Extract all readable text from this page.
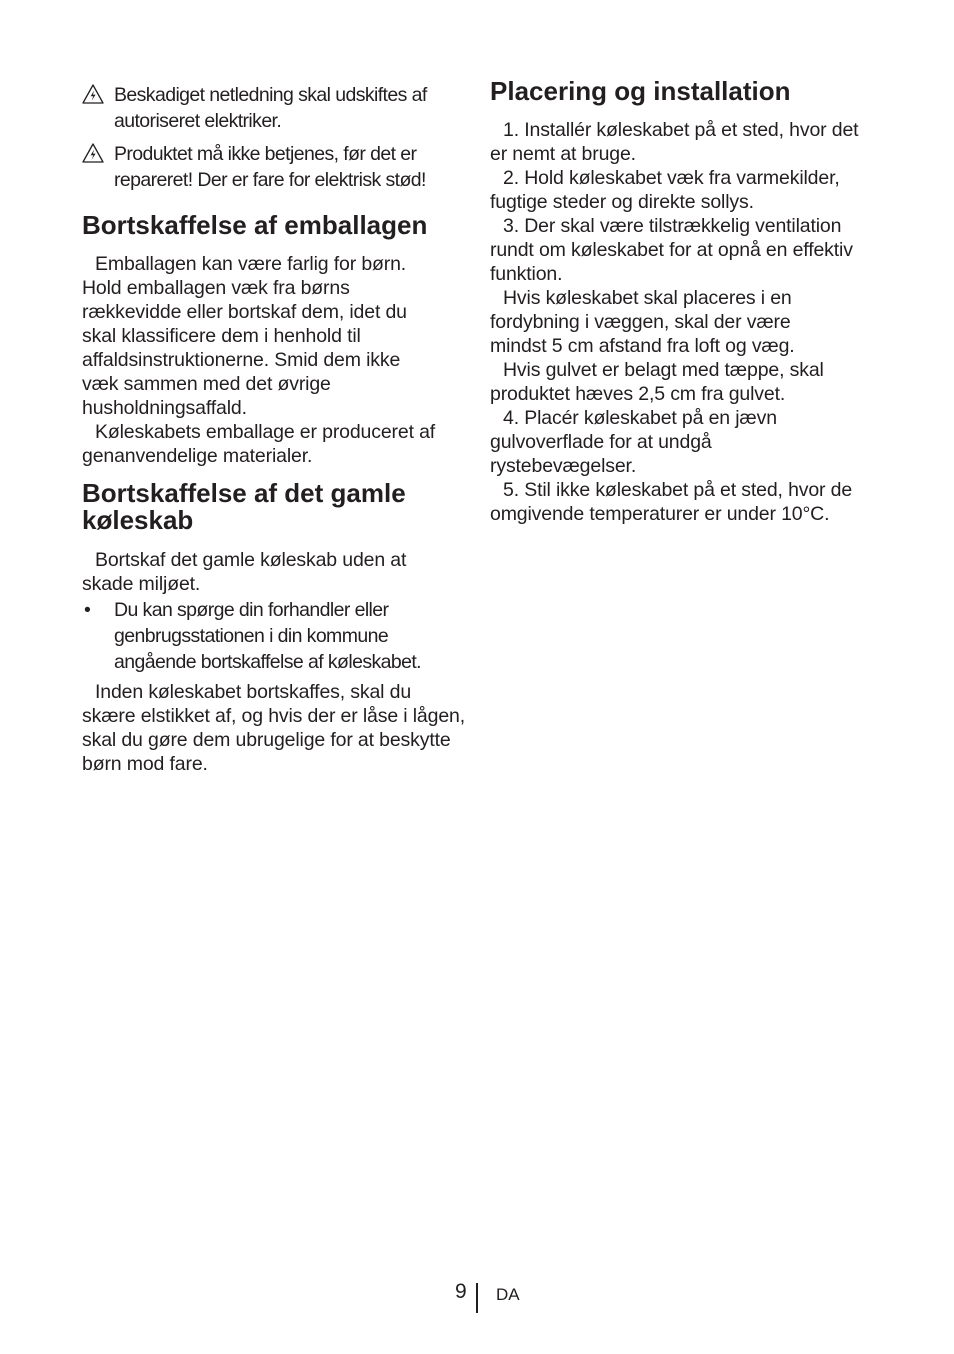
Beskadiget netledning skal udskiftes af autoriseret elektriker.
Produktet må ikke betjenes, før det er repareret! Der er fare for elektrisk stød!
Bortskaffelse af emballagen

Emballagen kan være farlig for børn. Hold emballagen væk fra børns rækkevidde eller bortskaf dem, idet du skal klassificere dem i henhold til affaldsinstruktionerne. Smid dem ikke væk sammen med det øvrige husholdningsaffald.

Køleskabets emballage er produceret af genanvendelige materialer.

Bortskaffelse af det gamle køleskab

Bortskaf det gamle køleskab uden at skade miljøet.

•	Du kan spørge din forhandler eller genbrugsstationen i din kommune angående bortskaffelse af køleskabet.

Inden køleskabet bortskaffes, skal du skære elstikket af, og hvis der er låse i lågen, skal du gøre dem ubrugelige for at beskytte børn mod fare.

Placering og installation

1. Installér køleskabet på et sted, hvor det er nemt at bruge.

2. Hold køleskabet væk fra varmekilder, fugtige steder og direkte sollys.

3. Der skal være tilstrækkelig ventilation rundt om køleskabet for at opnå en effektiv funktion.

Hvis køleskabet skal placeres i en fordybning i væggen, skal der være mindst 5 cm afstand fra loft og væg.

Hvis gulvet er belagt med tæppe, skal produktet hæves 2,5 cm fra gulvet.

4. Placér køleskabet på en jævn gulvoverflade for at undgå rystebevægelser.

5. Stil ikke køleskabet på et sted, hvor de omgivende temperaturer er under 10°C.

9 DA
